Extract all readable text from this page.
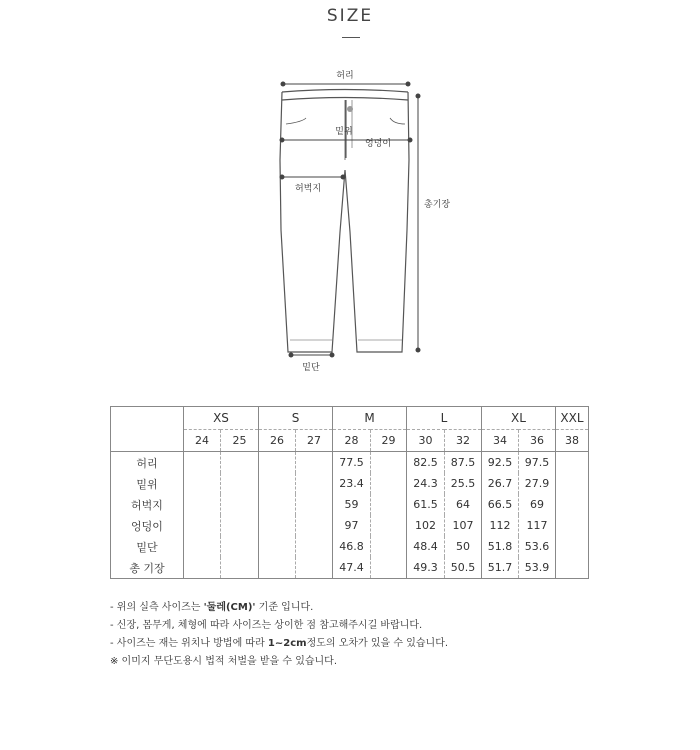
SIZE
허리
밑위
엉덩이
허벅지
총기장
밑단
	XS		S		M		L		XL		XXL
	24	25	26	27	28	29	30	32	34	36	38
허리					77.5		82.5	87.5	92.5	97.5	
밑위					23.4		24.3	25.5	26.7	27.9	
허벅지					59		61.5	64	66.5	69	
엉덩이					97		102	107	112	117	
밑단					46.8		48.4	50	51.8	53.6	
총 기장					47.4		49.3	50.5	51.7	53.9	
- 위의 실측 사이즈는 '둘레(CM)' 기준 입니다.
- 신장, 몸무게, 체형에 따라 사이즈는 상이한 점 참고해주시길 바랍니다.
- 사이즈는 재는 위치나 방법에 따라 1~2cm정도의 오차가 있을 수 있습니다.
※ 이미지 무단도용시 법적 처벌을 받을 수 있습니다.
